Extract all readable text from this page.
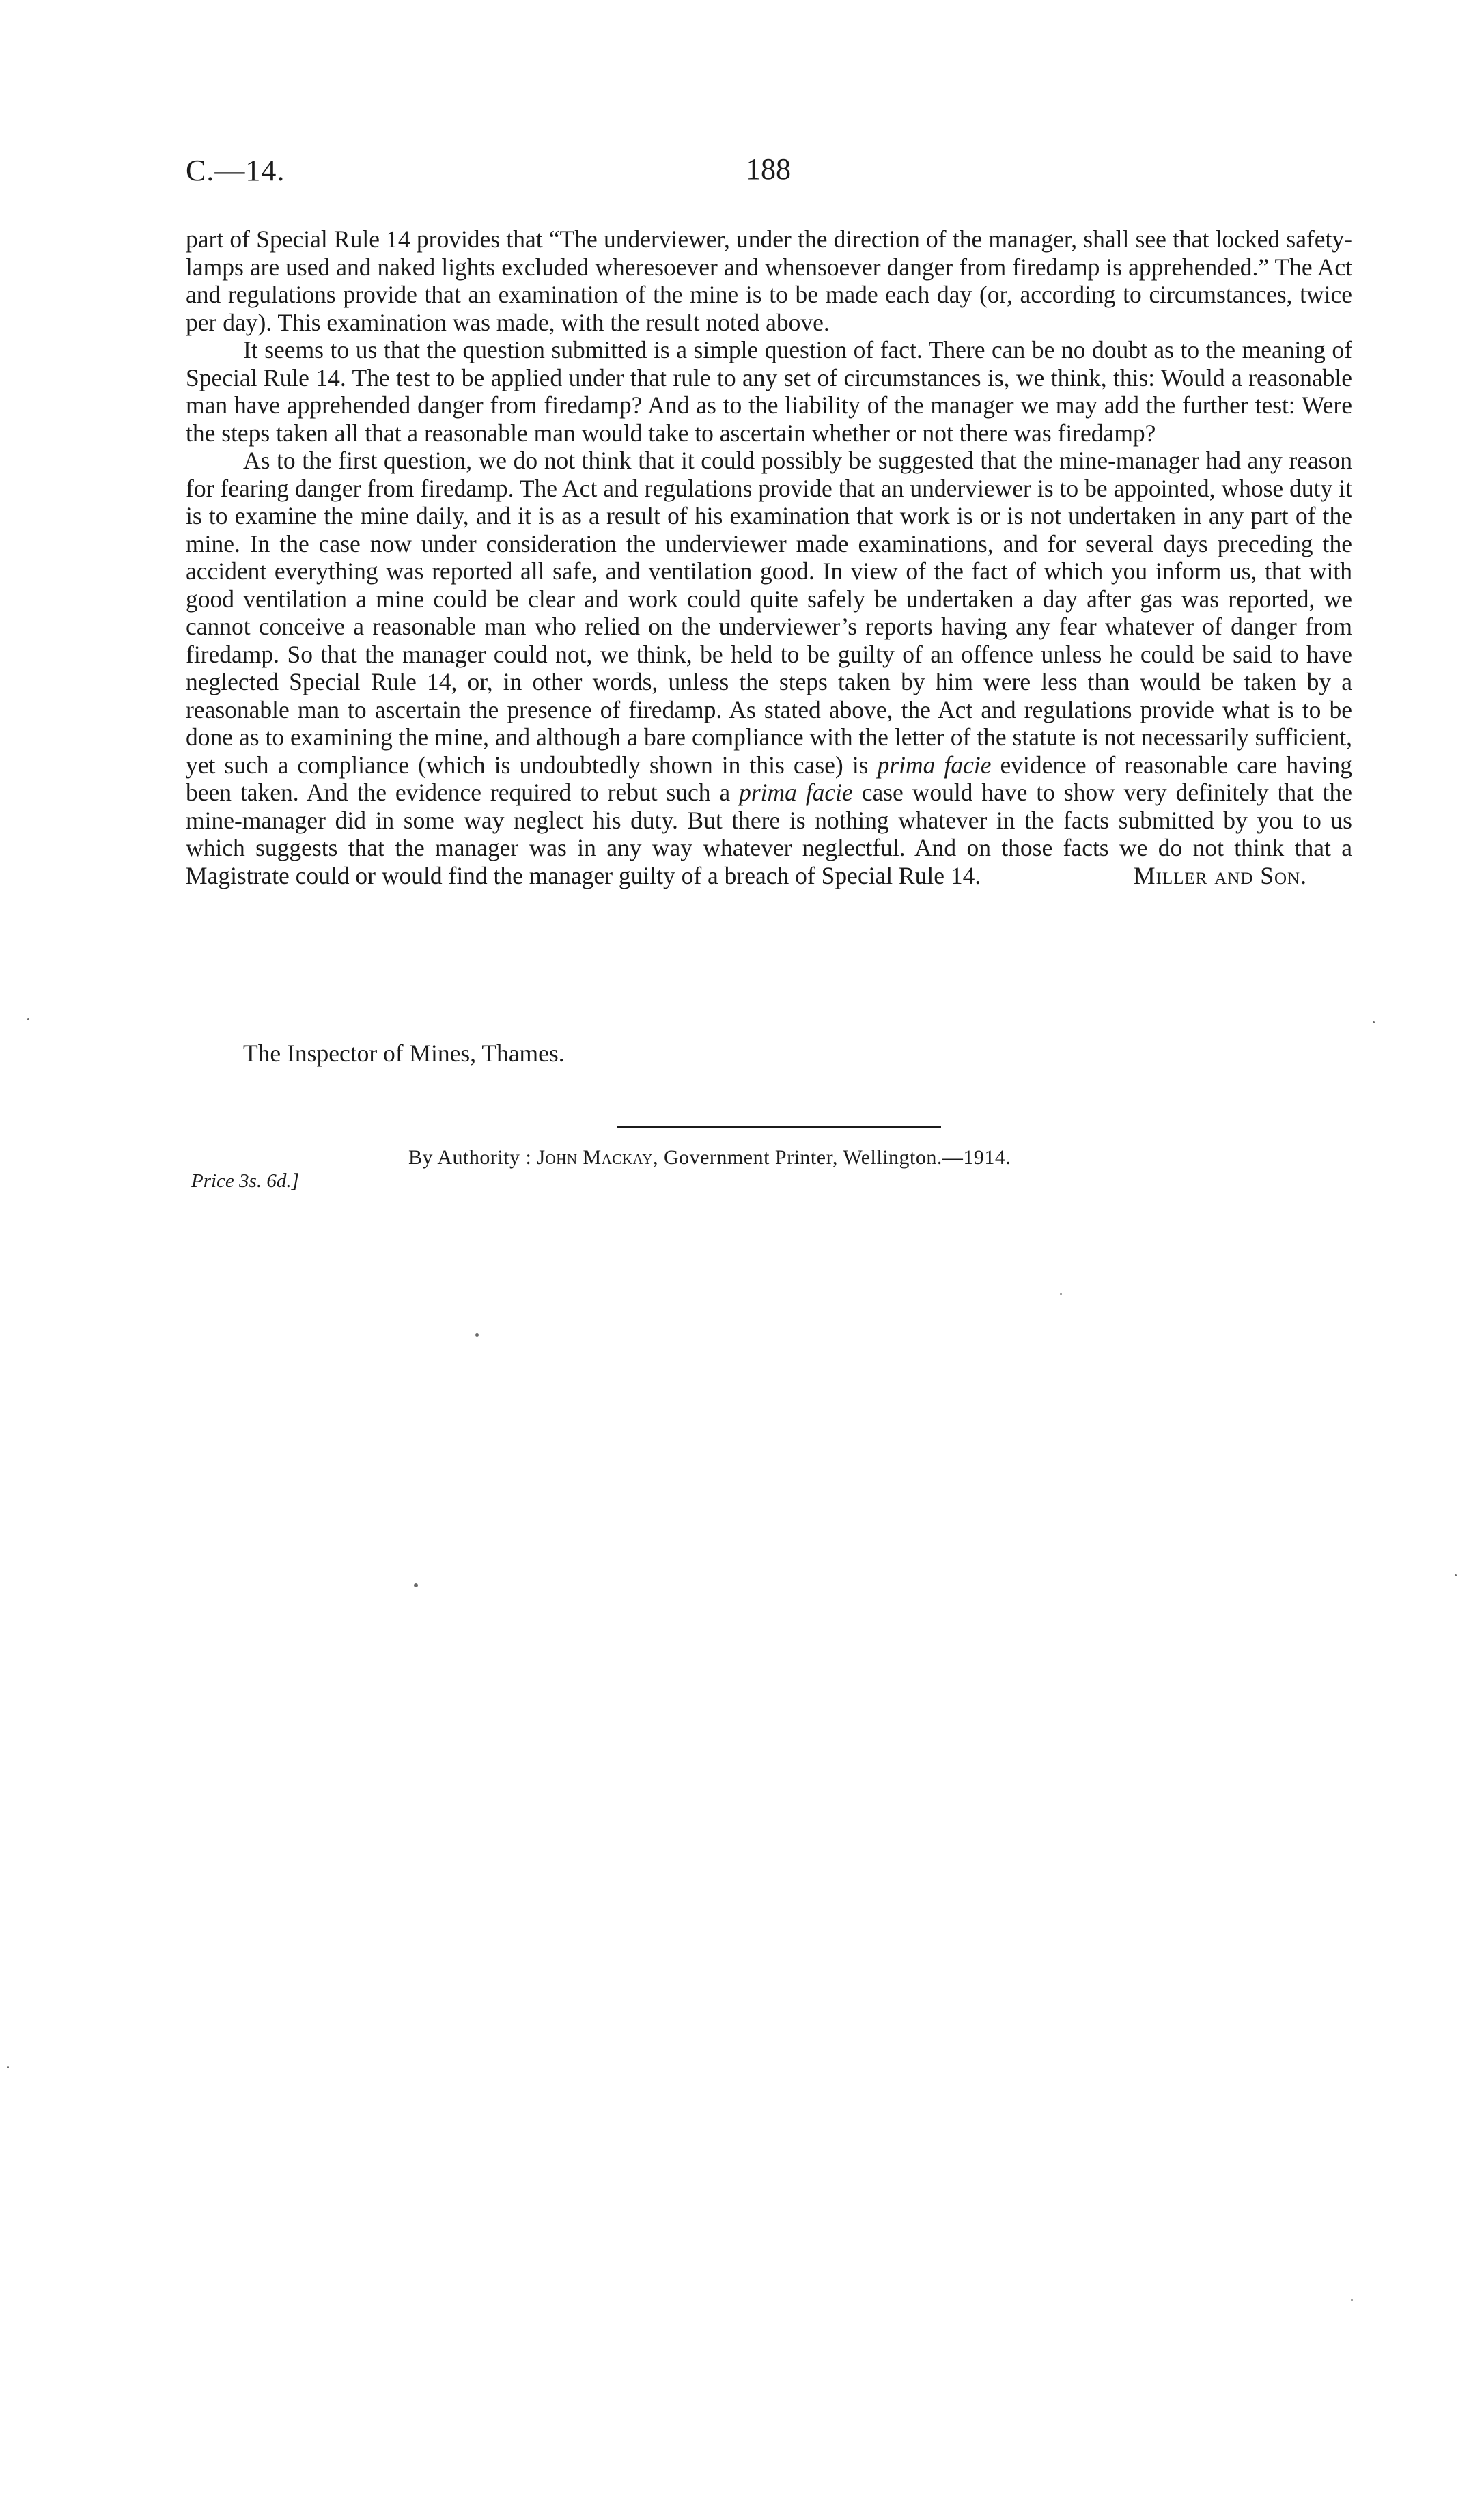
C.—14.	188

part of Special Rule 14 provides that “The underviewer, under the direction of the manager, shall see that locked safety-lamps are used and naked lights excluded wheresoever and whensoever danger from firedamp is apprehended.” The Act and regulations provide that an examination of the mine is to be made each day (or, according to circumstances, twice per day). This examination was made, with the result noted above.

It seems to us that the question submitted is a simple question of fact. There can be no doubt as to the meaning of Special Rule 14. The test to be applied under that rule to any set of circumstances is, we think, this: Would a reasonable man have apprehended danger from firedamp? And as to the liability of the manager we may add the further test: Were the steps taken all that a reasonable man would take to ascertain whether or not there was firedamp?

As to the first question, we do not think that it could possibly be suggested that the mine-manager had any reason for fearing danger from firedamp. The Act and regulations provide that an underviewer is to be appointed, whose duty it is to examine the mine daily, and it is as a result of his examination that work is or is not undertaken in any part of the mine. In the case now under consideration the underviewer made examinations, and for several days preceding the accident everything was reported all safe, and ventilation good. In view of the fact of which you inform us, that with good ventilation a mine could be clear and work could quite safely be undertaken a day after gas was reported, we cannot conceive a reasonable man who relied on the underviewer’s reports having any fear whatever of danger from firedamp. So that the manager could not, we think, be held to be guilty of an offence unless he could be said to have neglected Special Rule 14, or, in other words, unless the steps taken by him were less than would be taken by a reasonable man to ascertain the presence of firedamp. As stated above, the Act and regulations provide what is to be done as to examining the mine, and although a bare compliance with the letter of the statute is not necessarily sufficient, yet such a compliance (which is undoubtedly shown in this case) is prima facie evidence of reasonable care having been taken. And the evidence required to rebut such a prima facie case would have to show very definitely that the mine-manager did in some way neglect his duty. But there is nothing whatever in the facts submitted by you to us which suggests that the manager was in any way whatever neglectful. And on those facts we do not think that a Magistrate could or would find the manager guilty of a breach of Special Rule 14.	Miller and Son.

The Inspector of Mines, Thames.
By Authority : John Mackay, Government Printer, Wellington.—1914.
Price 3s. 6d.]
